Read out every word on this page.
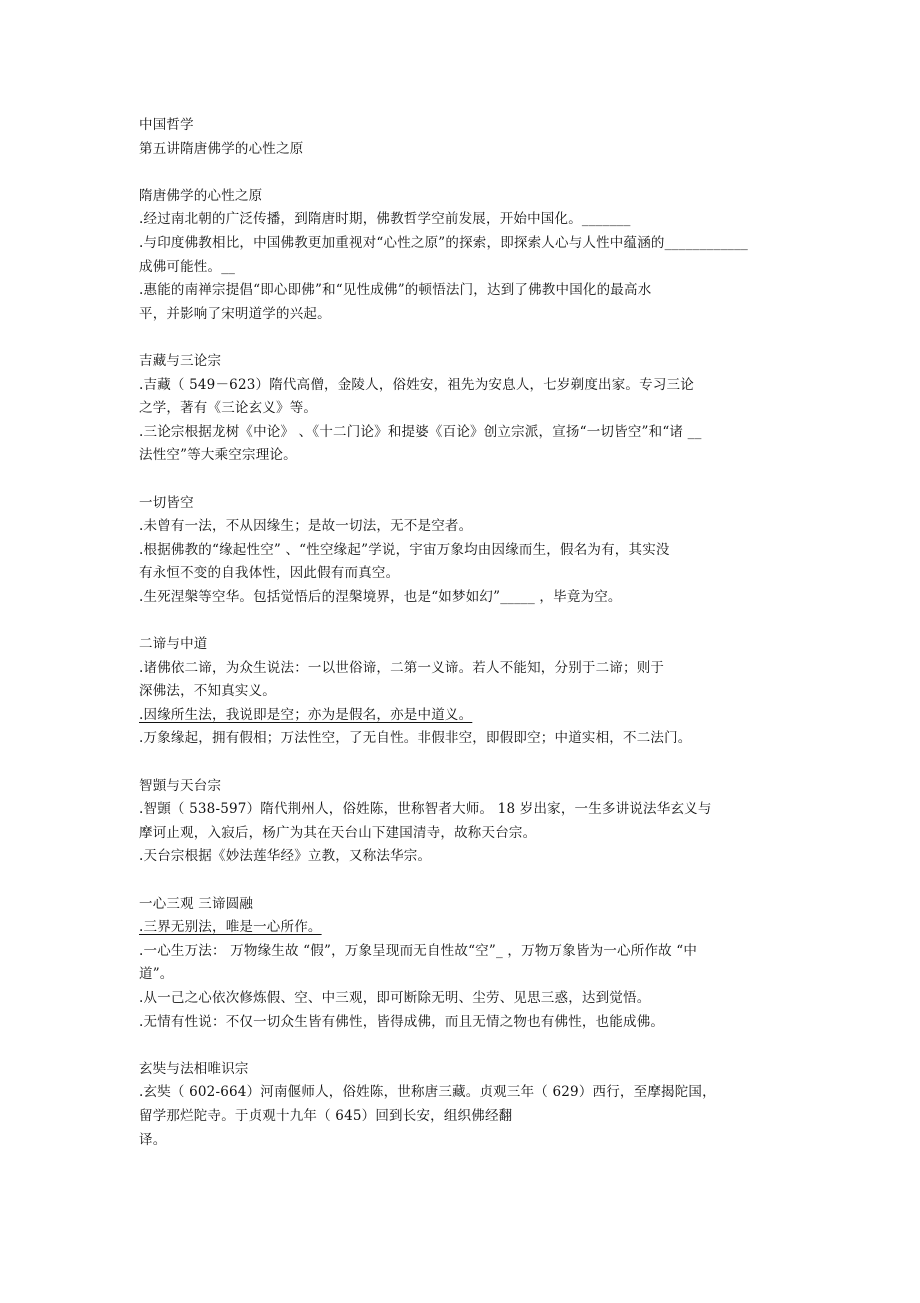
中国哲学
第五讲隋唐佛学的心性之原
隋唐佛学的心性之原
.经过南北朝的广泛传播，到隋唐时期，佛教哲学空前发展，开始中国化。_______
.与印度佛教相比，中国佛教更加重视对“心性之原”的探索，即探索人心与人性中蕴涵的____________
成佛可能性。__
.惠能的南禅宗提倡“即心即佛”和“见性成佛”的顿悟法门，达到了佛教中国化的最高水
平，并影响了宋明道学的兴起。
吉藏与三论宗
.吉藏（ 549－623）隋代高僧，金陵人，俗姓安，祖先为安息人，七岁剃度出家。专习三论
之学，著有《三论玄义》等。
.三论宗根据龙树《中论》 、《十二门论》和提婆《百论》创立宗派，宣扬“一切皆空”和“诸 __
法性空”等大乘空宗理论。
一切皆空
.未曾有一法，不从因缘生；是故一切法，无不是空者。
.根据佛教的“缘起性空” 、“性空缘起”学说，宇宙万象均由因缘而生，假名为有，其实没
有永恒不变的自我体性，因此假有而真空。
.生死涅槃等空华。包括觉悟后的涅槃境界，也是“如梦如幻”_____ ，毕竟为空。
二谛与中道
.诸佛依二谛，为众生说法：一以世俗谛，二第一义谛。若人不能知，分别于二谛；则于
深佛法，不知真实义。
.因缘所生法，我说即是空；亦为是假名，亦是中道义。
.万象缘起，拥有假相；万法性空，了无自性。非假非空，即假即空；中道实相，不二法门。
智顗与天台宗
.智顗（ 538-597）隋代荆州人，俗姓陈，世称智者大师。 18 岁出家，一生多讲说法华玄义与
摩诃止观，入寂后，杨广为其在天台山下建国清寺，故称天台宗。
.天台宗根据《妙法莲华经》立教，又称法华宗。
一心三观 三谛圆融
.三界无别法，唯是一心所作。
.一心生万法： 万物缘生故 “假”，万象呈现而无自性故“空”_ ，万物万象皆为一心所作故 “中
道”。
.从一己之心依次修炼假、空、中三观，即可断除无明、尘劳、见思三惑，达到觉悟。
.无情有性说：不仅一切众生皆有佛性，皆得成佛，而且无情之物也有佛性，也能成佛。
玄奘与法相唯识宗
.玄奘（ 602-664）河南偃师人，俗姓陈，世称唐三藏。贞观三年（ 629）西行，至摩揭陀国，
留学那烂陀寺。于贞观十九年（ 645）回到长安，组织佛经翻
译。
